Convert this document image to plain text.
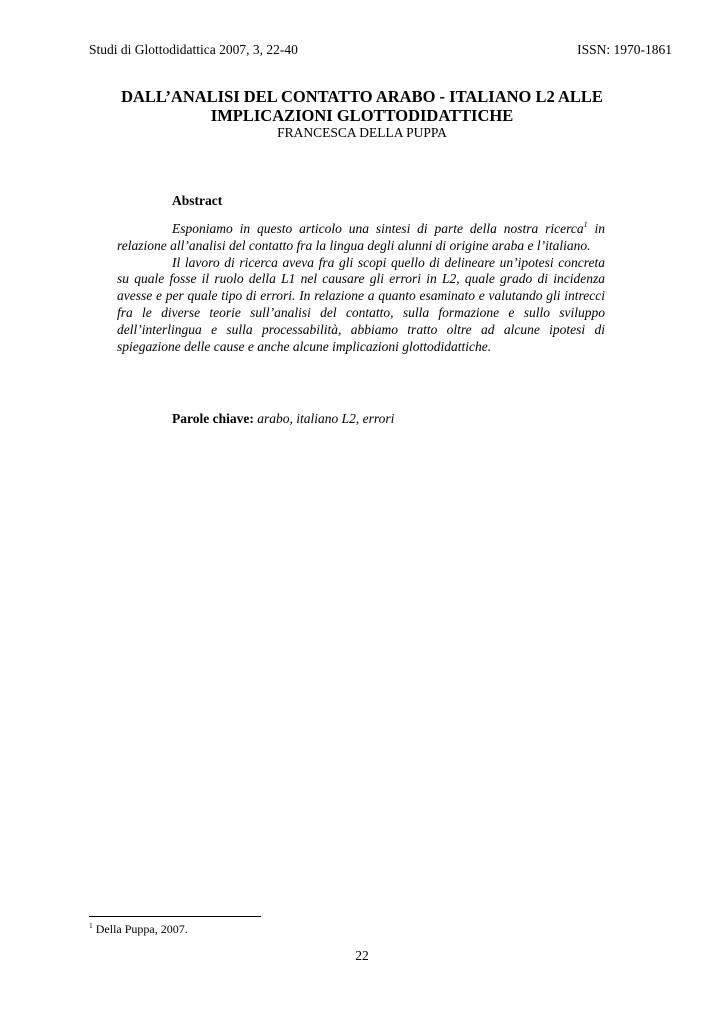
Studi di Glottodidattica 2007, 3, 22-40	ISSN: 1970-1861

DALL’ANALISI DEL CONTATTO ARABO - ITALIANO L2 ALLE
IMPLICAZIONI GLOTTODIDATTICHE

FRANCESCA DELLA PUPPA

Abstract

Esponiamo in questo articolo una sintesi di parte della nostra ricerca$^1$ in relazione all’analisi del contatto fra la lingua degli alunni di origine araba e l’italiano.

Il lavoro di ricerca aveva fra gli scopi quello di delineare un’ipotesi concreta su quale fosse il ruolo della L1 nel causare gli errori in L2, quale grado di incidenza avesse e per quale tipo di errori. In relazione a quanto esaminato e valutando gli intrecci fra le diverse teorie sull’analisi del contatto, sulla formazione e sullo sviluppo dell’interlingua e sulla processabilità, abbiamo tratto oltre ad alcune ipotesi di spiegazione delle cause e anche alcune implicazioni glottodidattiche.

Parole chiave: arabo, italiano L2, errori

$^1$ Della Puppa, 2007.

22
